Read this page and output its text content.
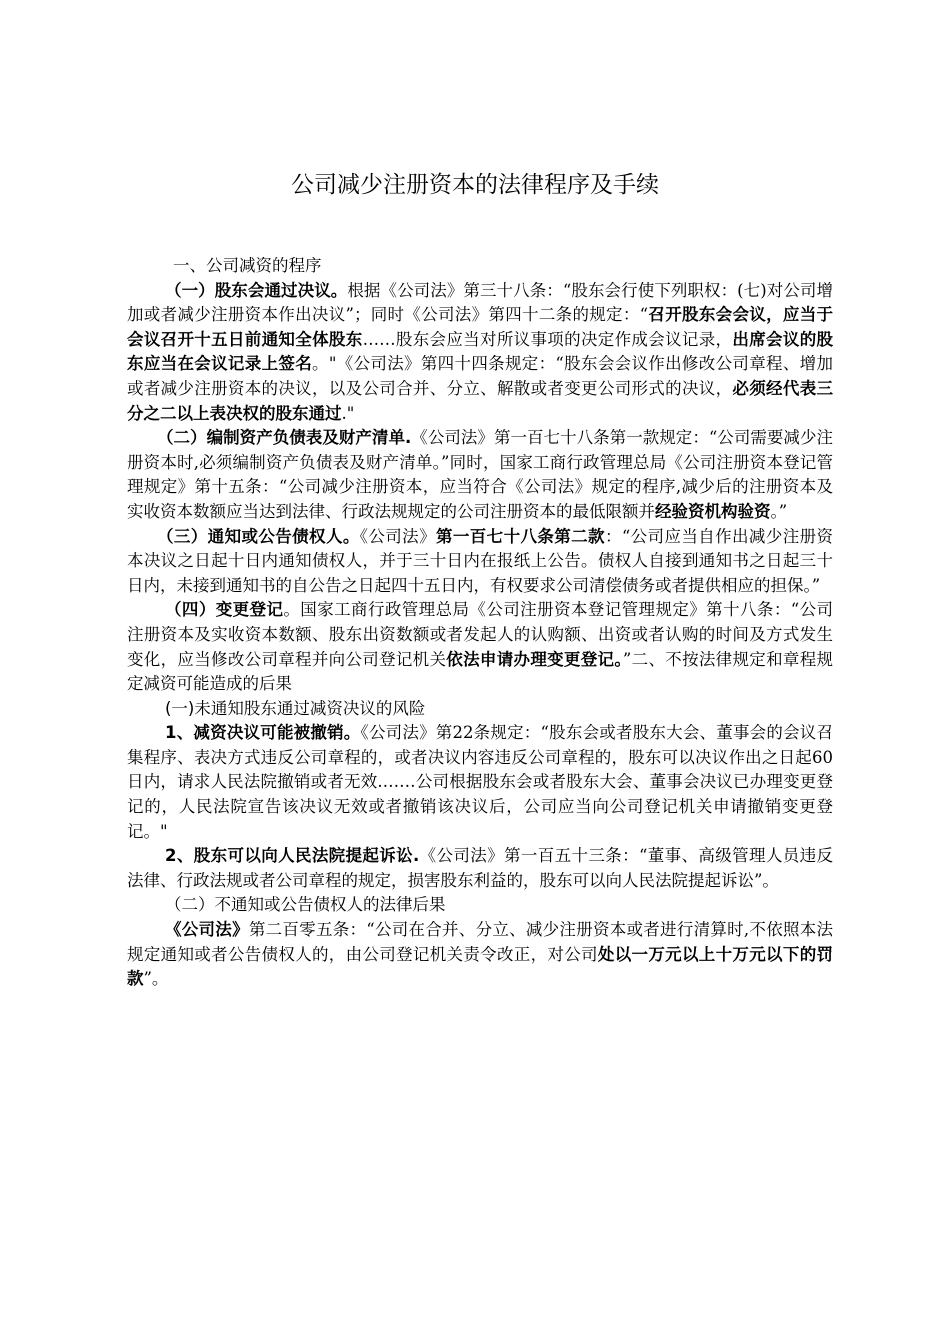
公司减少注册资本的法律程序及手续

一、公司减资的程序

（一）股东会通过决议。根据《公司法》第三十八条：“股东会行使下列职权：(七)对公司增加或者减少注册资本作出决议”；同时《公司法》第四十二条的规定：“召开股东会会议，应当于会议召开十五日前通知全体股东……股东会应当对所议事项的决定作成会议记录，出席会议的股东应当在会议记录上签名。"《公司法》第四十四条规定：“股东会会议作出修改公司章程、增加或者减少注册资本的决议，以及公司合并、分立、解散或者变更公司形式的决议，必须经代表三分之二以上表决权的股东通过."

（二）编制资产负债表及财产清单.《公司法》第一百七十八条第一款规定：“公司需要减少注册资本时,必须编制资产负债表及财产清单。”同时，国家工商行政管理总局《公司注册资本登记管理规定》第十五条：“公司减少注册资本，应当符合《公司法》规定的程序,减少后的注册资本及实收资本数额应当达到法律、行政法规规定的公司注册资本的最低限额并经验资机构验资。”

（三）通知或公告债权人。《公司法》第一百七十八条第二款：“公司应当自作出减少注册资本决议之日起十日内通知债权人，并于三十日内在报纸上公告。债权人自接到通知书之日起三十日内，未接到通知书的自公告之日起四十五日内，有权要求公司清偿债务或者提供相应的担保。”

（四）变更登记。国家工商行政管理总局《公司注册资本登记管理规定》第十八条：“公司注册资本及实收资本数额、股东出资数额或者发起人的认购额、出资或者认购的时间及方式发生变化，应当修改公司章程并向公司登记机关依法申请办理变更登记。”二、不按法律规定和章程规定减资可能造成的后果

(一)未通知股东通过减资决议的风险

1、减资决议可能被撤销。《公司法》第22条规定：“股东会或者股东大会、董事会的会议召集程序、表决方式违反公司章程的，或者决议内容违反公司章程的，股东可以决议作出之日起60日内，请求人民法院撤销或者无效.……公司根据股东会或者股东大会、董事会决议已办理变更登记的，人民法院宣告该决议无效或者撤销该决议后，公司应当向公司登记机关申请撤销变更登记。"

2、股东可以向人民法院提起诉讼.《公司法》第一百五十三条：“董事、高级管理人员违反法律、行政法规或者公司章程的规定，损害股东利益的，股东可以向人民法院提起诉讼”。

（二）不通知或公告债权人的法律后果

《公司法》第二百零五条：“公司在合并、分立、减少注册资本或者进行清算时,不依照本法规定通知或者公告债权人的，由公司登记机关责令改正，对公司处以一万元以上十万元以下的罚款”。
